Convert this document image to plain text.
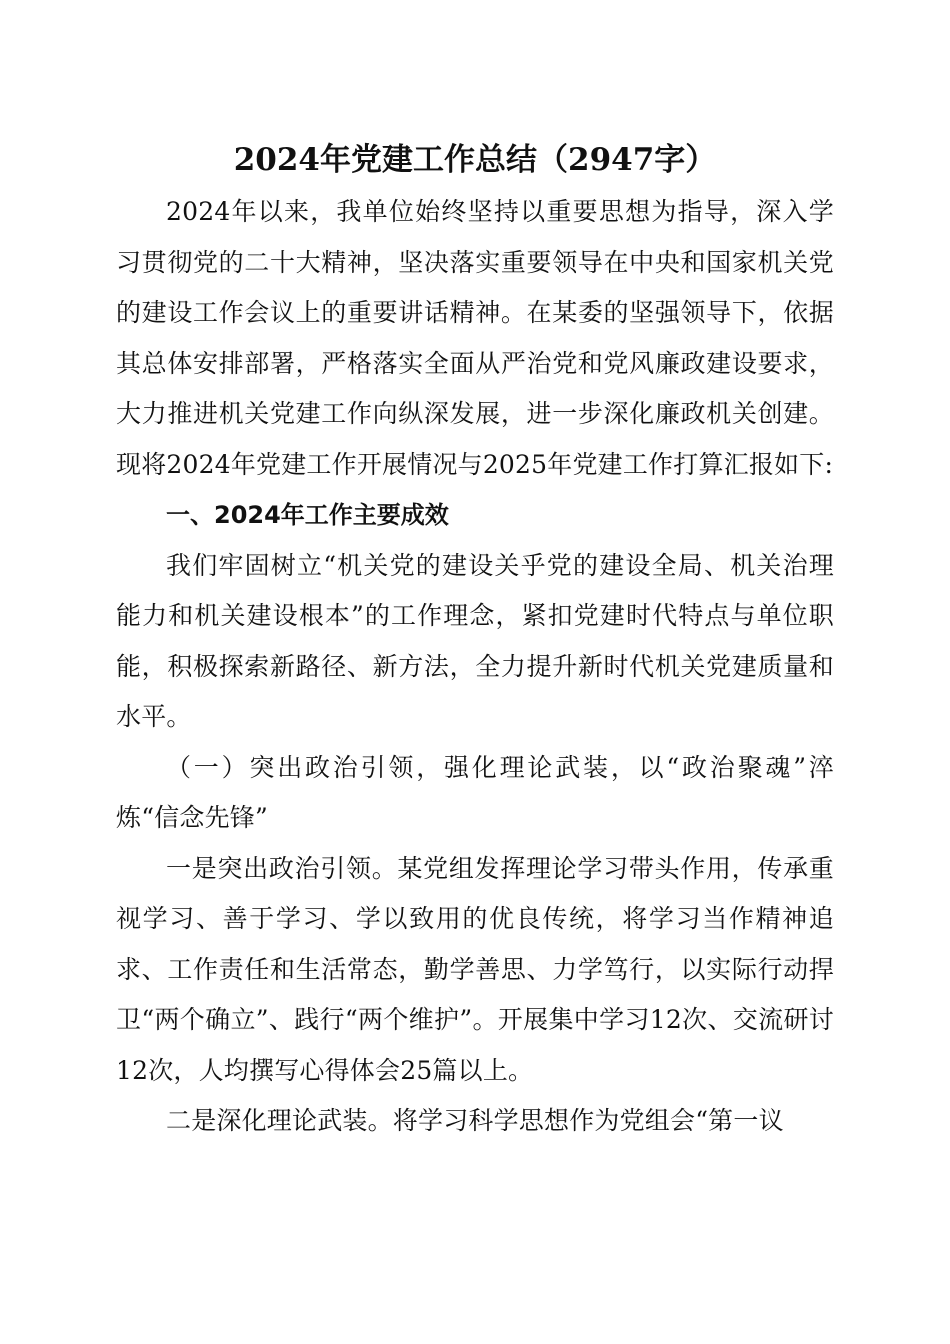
2024年党建工作总结（2947字）

2024年以来，我单位始终坚持以重要思想为指导，深入学习贯彻党的二十大精神，坚决落实重要领导在中央和国家机关党的建设工作会议上的重要讲话精神。在某委的坚强领导下，依据其总体安排部署，严格落实全面从严治党和党风廉政建设要求，大力推进机关党建工作向纵深发展，进一步深化廉政机关创建。现将2024年党建工作开展情况与2025年党建工作打算汇报如下:

一、2024年工作主要成效

我们牢固树立“机关党的建设关乎党的建设全局、机关治理能力和机关建设根本”的工作理念，紧扣党建时代特点与单位职能，积极探索新路径、新方法，全力提升新时代机关党建质量和水平。

（一）突出政治引领，强化理论武装，以“政治聚魂”淬炼“信念先锋”

一是突出政治引领。某党组发挥理论学习带头作用，传承重视学习、善于学习、学以致用的优良传统，将学习当作精神追求、工作责任和生活常态，勤学善思、力学笃行，以实际行动捍卫“两个确立”、践行“两个维护”。开展集中学习12次、交流研讨12次，人均撰写心得体会25篇以上。

二是深化理论武装。将学习科学思想作为党组会“第一议
